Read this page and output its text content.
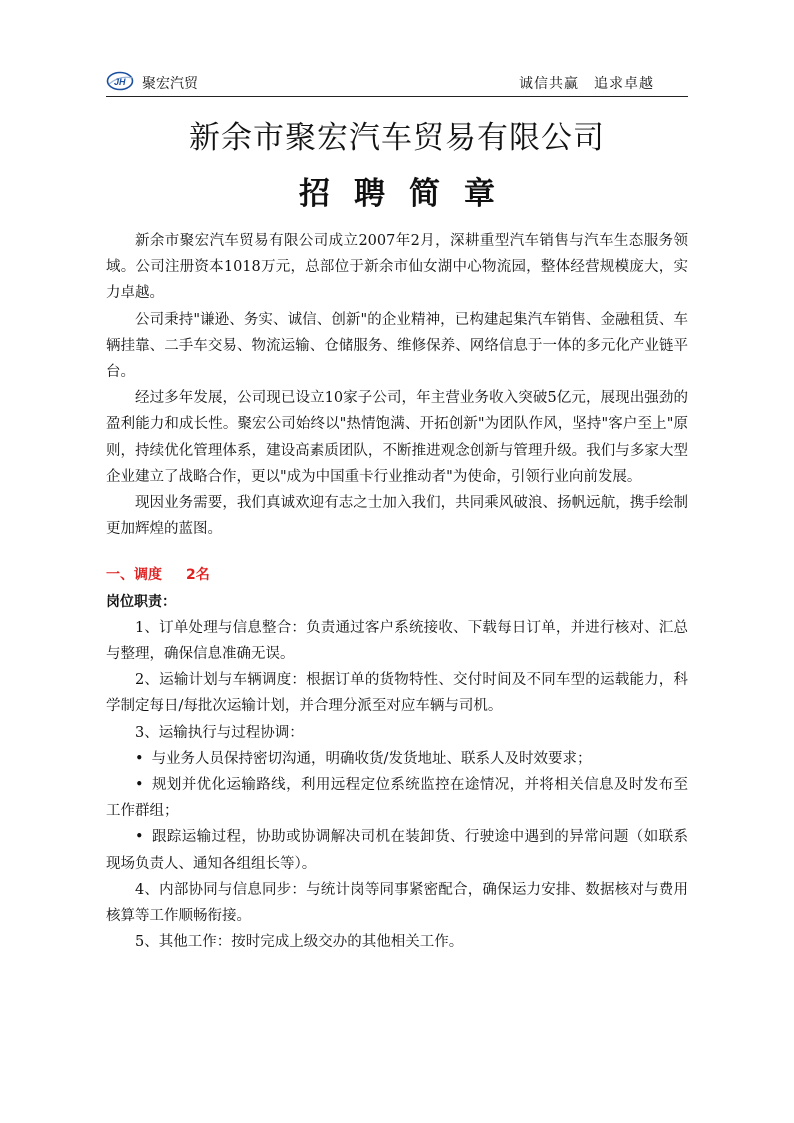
JH 聚宏汽贸	诚信共赢　追求卓越
新余市聚宏汽车贸易有限公司
招聘简章

新余市聚宏汽车贸易有限公司成立2007年2月，深耕重型汽车销售与汽车生态服务领域。公司注册资本1018万元，总部位于新余市仙女湖中心物流园，整体经营规模庞大，实力卓越。

公司秉持"谦逊、务实、诚信、创新"的企业精神，已构建起集汽车销售、金融租赁、车辆挂靠、二手车交易、物流运输、仓储服务、维修保养、网络信息于一体的多元化产业链平台。

经过多年发展，公司现已设立10家子公司，年主营业务收入突破5亿元，展现出强劲的盈利能力和成长性。聚宏公司始终以"热情饱满、开拓创新"为团队作风，坚持"客户至上"原则，持续优化管理体系，建设高素质团队，不断推进观念创新与管理升级。我们与多家大型企业建立了战略合作，更以"成为中国重卡行业推动者"为使命，引领行业向前发展。

现因业务需要，我们真诚欢迎有志之士加入我们，共同乘风破浪、扬帆远航，携手绘制更加辉煌的蓝图。

一、调度 2名

岗位职责：

1、订单处理与信息整合：负责通过客户系统接收、下载每日订单，并进行核对、汇总与整理，确保信息准确无误。

2、运输计划与车辆调度：根据订单的货物特性、交付时间及不同车型的运载能力，科学制定每日/每批次运输计划，并合理分派至对应车辆与司机。

3、运输执行与过程协调：

• 与业务人员保持密切沟通，明确收货/发货地址、联系人及时效要求；

• 规划并优化运输路线，利用远程定位系统监控在途情况，并将相关信息及时发布至工作群组；

• 跟踪运输过程，协助或协调解决司机在装卸货、行驶途中遇到的异常问题（如联系现场负责人、通知各组组长等）。

4、内部协同与信息同步：与统计岗等同事紧密配合，确保运力安排、数据核对与费用核算等工作顺畅衔接。

5、其他工作：按时完成上级交办的其他相关工作。
